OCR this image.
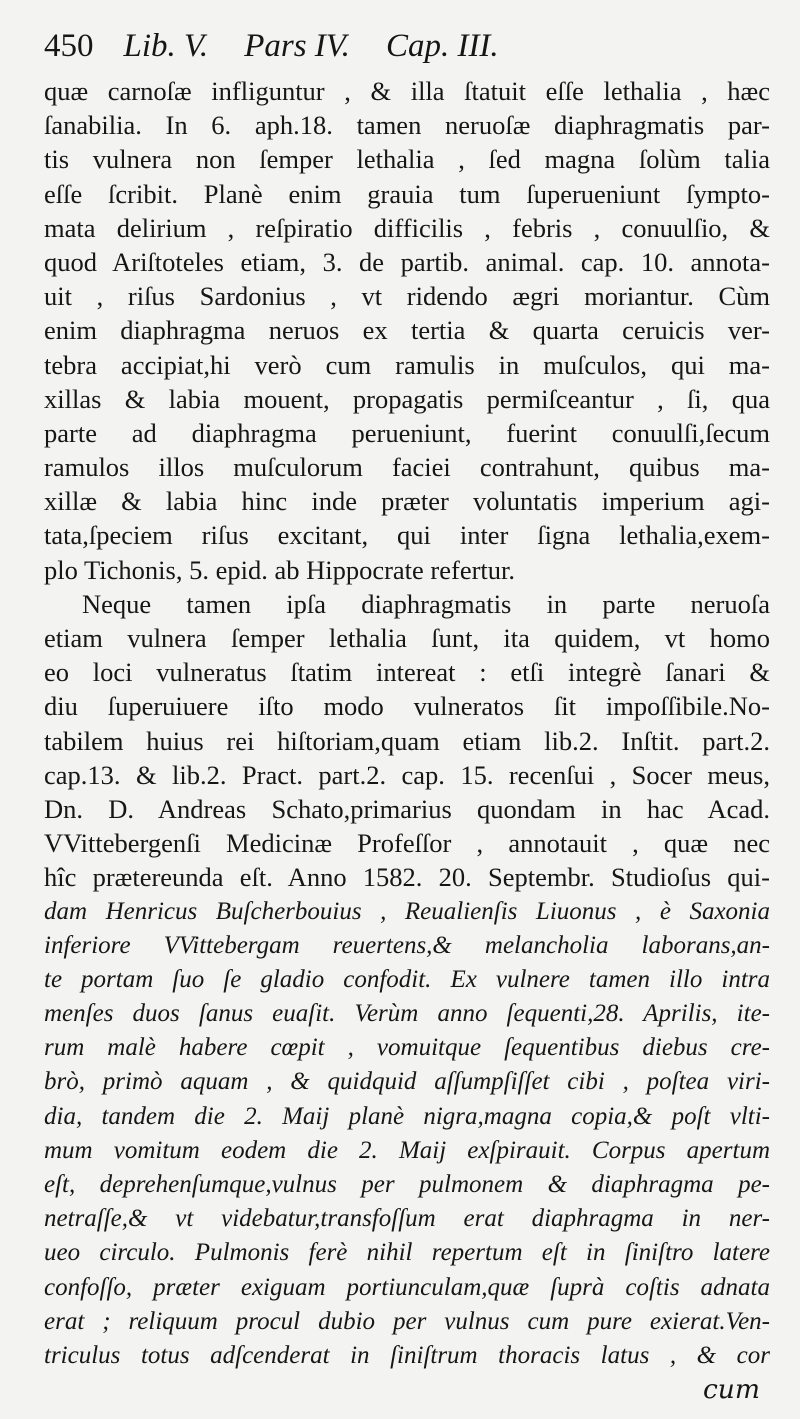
450 Lib. V. Pars IV. Cap. III.
quæ carnoſæ infliguntur , & illa ſtatuit eſſe lethalia , hæc
ſanabilia. In 6. aph.18. tamen neruoſæ diaphragmatis par-
tis vulnera non ſemper lethalia , ſed magna ſolùm talia
eſſe ſcribit. Planè enim grauia tum ſuperueniunt ſympto-
mata delirium , reſpiratio difficilis , febris , conuulſio, &
quod Ariſtoteles etiam, 3. de partib. animal. cap. 10. annota-
uit , riſus Sardonius , vt ridendo ægri moriantur. Cùm
enim diaphragma neruos ex tertia & quarta ceruicis ver-
tebra accipiat,hi verò cum ramulis in muſculos, qui ma-
xillas & labia mouent, propagatis permiſceantur , ſi, qua
parte ad diaphragma perueniunt, fuerint conuulſi,ſecum
ramulos illos muſculorum faciei contrahunt, quibus ma-
xillæ & labia hinc inde præter voluntatis imperium agi-
tata,ſpeciem riſus excitant, qui inter ſigna lethalia,exem-
plo Tichonis, 5. epid. ab Hippocrate refertur.
Neque tamen ipſa diaphragmatis in parte neruoſa
etiam vulnera ſemper lethalia ſunt, ita quidem, vt homo
eo loci vulneratus ſtatim intereat : etſi integrè ſanari &
diu ſuperuiuere iſto modo vulneratos ſit impoſſibile.No-
tabilem huius rei hiſtoriam,quam etiam lib.2. Inſtit. part.2.
cap.13. & lib.2. Pract. part.2. cap. 15. recenſui , Socer meus,
Dn. D. Andreas Schato,primarius quondam in hac Acad.
VVittebergenſi Medicinæ Profeſſor , annotauit , quæ nec
hîc prætereunda eſt. Anno 1582. 20. Septembr. Studioſus qui-
dam Henricus Buſcherbouius , Reualienſis Liuonus , è Saxonia
inferiore VVittebergam reuertens,& melancholia laborans,an-
te portam ſuo ſe gladio confodit. Ex vulnere tamen illo intra
menſes duos ſanus euaſit. Verùm anno ſequenti,28. Aprilis, ite-
rum malè habere cœpit , vomuitque ſequentibus diebus cre-
brò, primò aquam , & quidquid aſſumpſiſſet cibi , poſtea viri-
dia, tandem die 2. Maij planè nigra,magna copia,& poſt vlti-
mum vomitum eodem die 2. Maij exſpirauit. Corpus apertum
eſt, deprehenſumque,vulnus per pulmonem & diaphragma pe-
netraſſe,& vt videbatur,transfoſſum erat diaphragma in ner-
ueo circulo. Pulmonis ferè nihil repertum eſt in ſiniſtro latere
confoſſo, præter exiguam portiunculam,quæ ſuprà coſtis adnata
erat ; reliquum procul dubio per vulnus cum pure exierat.Ven-
triculus totus adſcenderat in ſiniſtrum thoracis latus , & cor
cum
